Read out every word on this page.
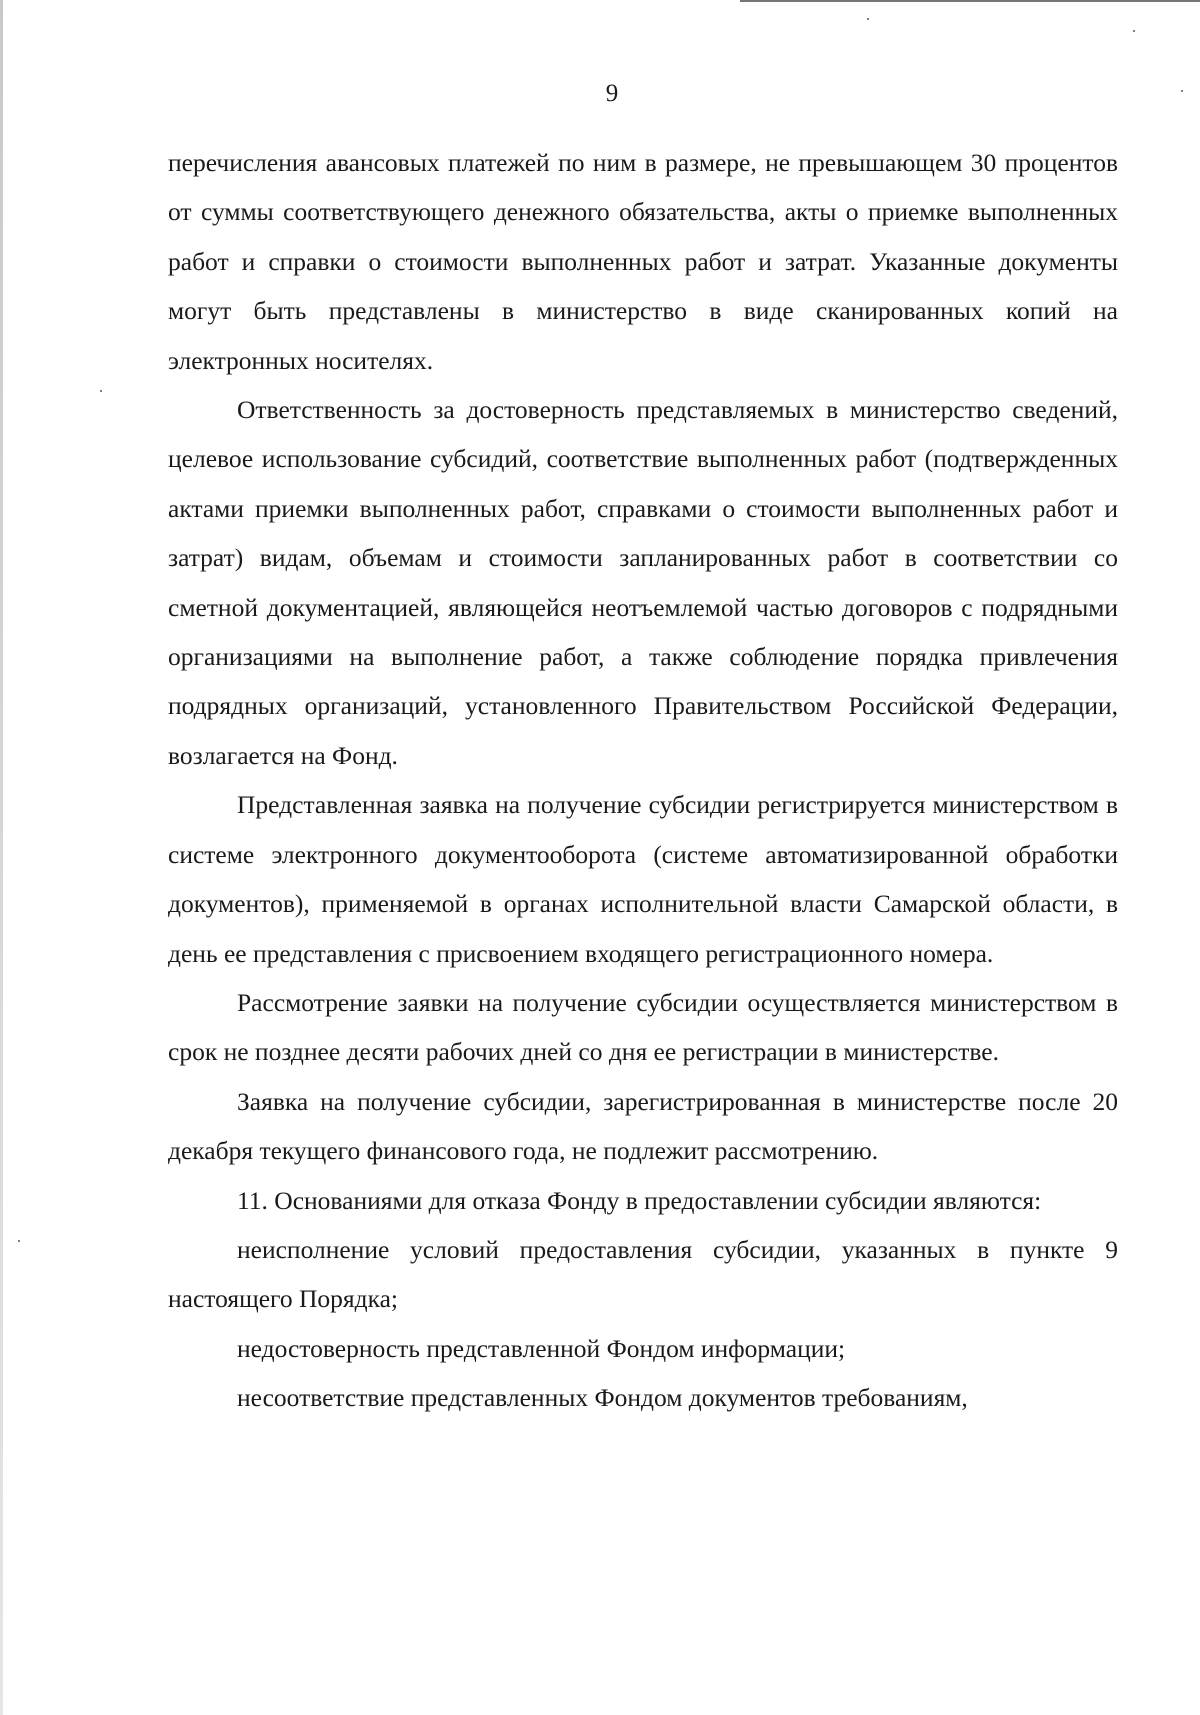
9

перечисления авансовых платежей по ним в размере, не превышающем 30 процентов от суммы соответствующего денежного обязательства, акты о приемке выполненных работ и справки о стоимости выполненных работ и затрат. Указанные документы могут быть представлены в министерство в виде сканированных копий на электронных носителях.

Ответственность за достоверность представляемых в министерство сведений, целевое использование субсидий, соответствие выполненных работ (подтвержденных актами приемки выполненных работ, справками о стоимости выполненных работ и затрат) видам, объемам и стоимости запланированных работ в соответствии со сметной документацией, являющейся неотъемлемой частью договоров с подрядными организациями на выполнение работ, а также соблюдение порядка привлечения подрядных организаций, установленного Правительством Российской Федерации, возлагается на Фонд.

Представленная заявка на получение субсидии регистрируется министерством в системе электронного документооборота (системе автоматизированной обработки документов), применяемой в органах исполнительной власти Самарской области, в день ее представления с присвоением входящего регистрационного номера.

Рассмотрение заявки на получение субсидии осуществляется министерством в срок не позднее десяти рабочих дней со дня ее регистрации в министерстве.

Заявка на получение субсидии, зарегистрированная в министерстве после 20 декабря текущего финансового года, не подлежит рассмотрению.

11. Основаниями для отказа Фонду в предоставлении субсидии являются:

неисполнение условий предоставления субсидии, указанных в пункте 9 настоящего Порядка;

недостоверность представленной Фондом информации;

несоответствие представленных Фондом документов требованиям,
